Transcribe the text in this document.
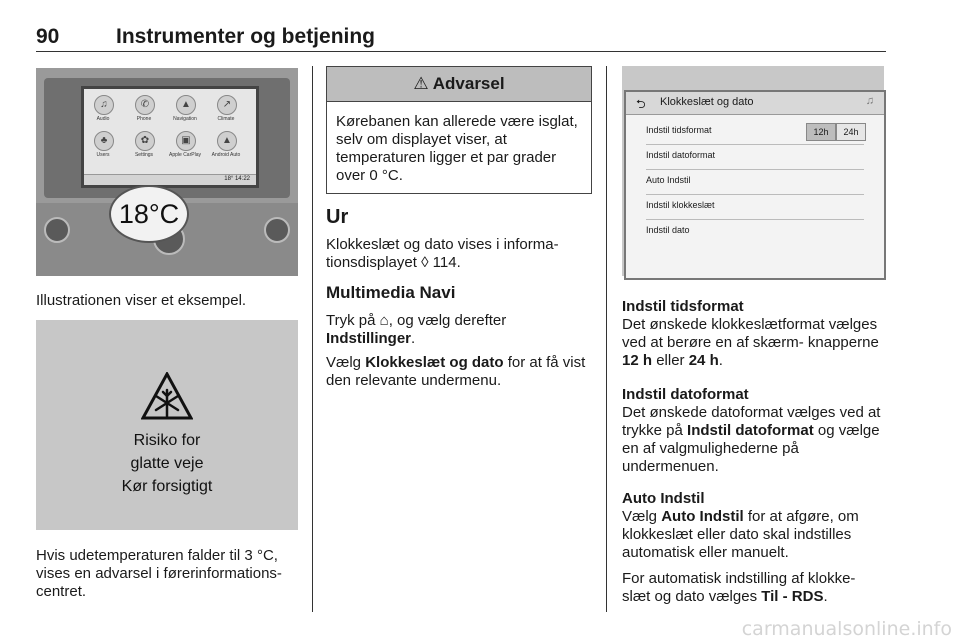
90	Instrumenter og betjening
♫
Audio
✆
Phone
▲
Navigation
↗
Climate
♣
Users
✿
Settings
▣
Apple CarPlay
▲
Android Auto
18° 14:22
18°C
Illustrationen viser et eksempel.
Risiko for
glatte veje
Kør forsigtigt
Hvis udetemperaturen falder til 3 °C, vises en advarsel i førerinformations- centret.
⚠ Advarsel
Kørebanen kan allerede være isglat, selv om displayet viser, at temperaturen ligger et par grader over 0 °C.
Ur
Klokkeslæt og dato vises i informa- tionsdisplayet ◊ 114.
Multimedia Navi
Tryk på ⌂, og vælg derefter Indstillinger.
Vælg Klokkeslæt og dato for at få vist den relevante undermenu.
⮌ Klokkeslæt og dato	♫
Indstil tidsformat	12h	24h
Indstil datoformat
Auto Indstil
Indstil klokkeslæt
Indstil dato
Indstil tidsformat
Det ønskede klokkeslætformat vælges ved at berøre en af skærm- knapperne 12 h eller 24 h.
Indstil datoformat
Det ønskede datoformat vælges ved at trykke på Indstil datoformat og vælge en af valgmulighederne på undermenuen.
Auto Indstil
Vælg Auto Indstil for at afgøre, om klokkeslæt eller dato skal indstilles automatisk eller manuelt.
For automatisk indstilling af klokke- slæt og dato vælges Til - RDS.
carmanualsonline.info
